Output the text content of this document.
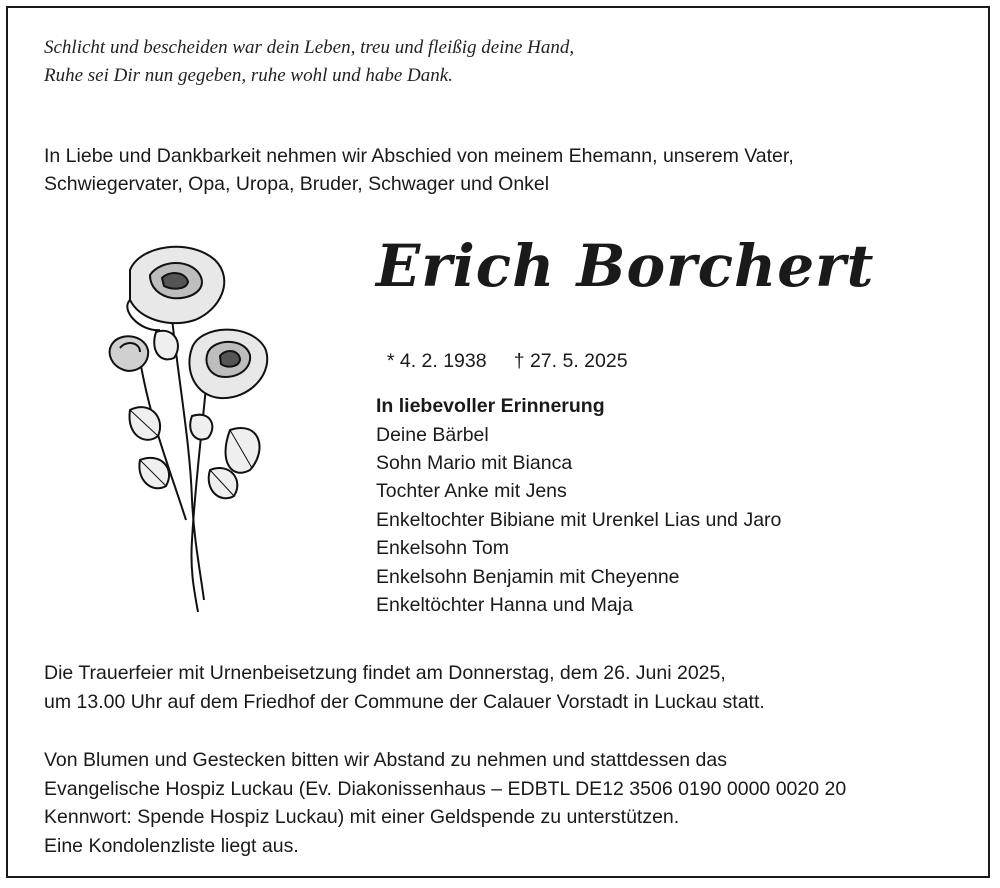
Schlicht und bescheiden war dein Leben, treu und fleißig deine Hand,
Ruhe sei Dir nun gegeben, ruhe wohl und habe Dank.
In Liebe und Dankbarkeit nehmen wir Abschied von meinem Ehemann, unserem Vater,
Schwiegervater, Opa, Uropa, Bruder, Schwager und Onkel
Erich Borchert

* 4. 2. 1938 † 27. 5. 2025

In liebevoller Erinnerung
Deine Bärbel
Sohn Mario mit Bianca
Tochter Anke mit Jens
Enkeltochter Bibiane mit Urenkel Lias und Jaro
Enkelsohn Tom
Enkelsohn Benjamin mit Cheyenne
Enkeltöchter Hanna und Maja
Die Trauerfeier mit Urnenbeisetzung findet am Donnerstag, dem 26. Juni 2025,
um 13.00 Uhr auf dem Friedhof der Commune der Calauer Vorstadt in Luckau statt.
Von Blumen und Gestecken bitten wir Abstand zu nehmen und stattdessen das
Evangelische Hospiz Luckau (Ev. Diakonissenhaus – EDBTL DE12 3506 0190 0000 0020 20
Kennwort: Spende Hospiz Luckau) mit einer Geldspende zu unterstützen.
Eine Kondolenzliste liegt aus.
